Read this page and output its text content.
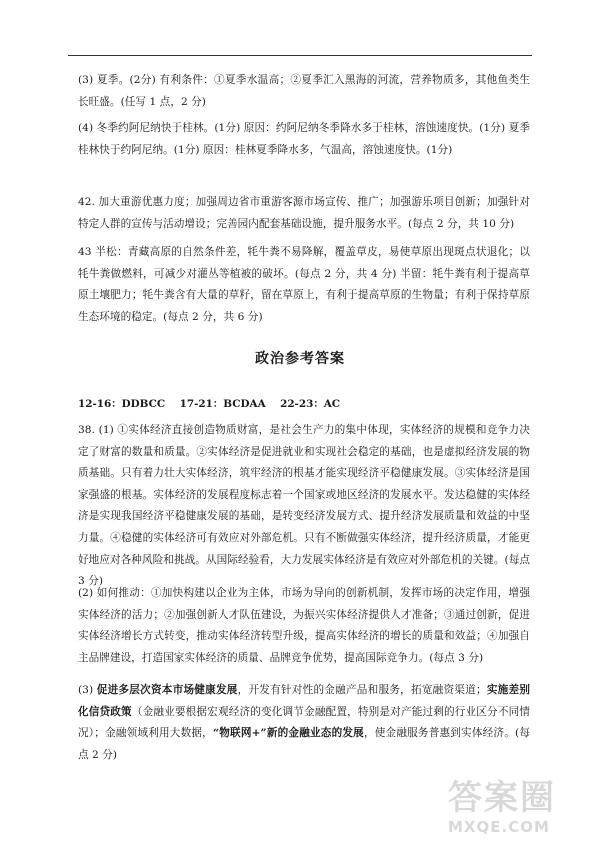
(3) 夏季。(2分) 有利条件：①夏季水温高；②夏季汇入黑海的河流，营养物质多，其他鱼类生长旺盛。(任写 1 点，2 分)
(4) 冬季约阿尼纳快于桂林。(1分) 原因：约阿尼纳冬季降水多于桂林，溶蚀速度快。(1分) 夏季桂林快于约阿尼纳。(1分) 原因：桂林夏季降水多，气温高，溶蚀速度快。(1分)
42. 加大重游优惠力度；加强周边省市重游客源市场宣传、推广；加强游乐项目创新；加强针对特定人群的宣传与活动增设；完善园内配套基础设施，提升服务水平。(每点 2 分，共 10 分)
43 半松：青藏高原的自然条件差，牦牛粪不易降解，覆盖草皮，易使草原出现斑点状退化；以牦牛粪做燃料，可减少对灌丛等植被的破坏。(每点 2 分，共 4 分) 半留：牦牛粪有利于提高草原土壤肥力；牦牛粪含有大量的草籽，留在草原上，有利于提高草原的生物量；有利于保持草原生态环境的稳定。(每点 2 分，共 6 分)
政治参考答案
12-16：DDBCC    17-21：BCDAA    22-23：AC
38. (1) ①实体经济直接创造物质财富，是社会生产力的集中体现，实体经济的规模和竞争力决定了财富的数量和质量。②实体经济是促进就业和实现社会稳定的基础，也是虚拟经济发展的物质基础。只有着力壮大实体经济，筑牢经济的根基才能实现经济平稳健康发展。③实体经济是国家强盛的根基。实体经济的发展程度标志着一个国家或地区经济的发展水平。发达稳健的实体经济是实现我国经济平稳健康发展的基础，是转变经济发展方式、提升经济发展质量和效益的中坚力量。④稳健的实体经济可有效应对外部危机。只有不断做强实体经济，提升经济质量，才能更好地应对各种风险和挑战。从国际经验看，大力发展实体经济是有效应对外部危机的关键。(每点 3 分)
(2) 如何推动：①加快构建以企业为主体，市场为导向的创新机制，发挥市场的决定作用，增强实体经济的活力；②加强创新人才队伍建设，为振兴实体经济提供人才准备；③通过创新，促进实体经济增长方式转变，推动实体经济转型升级，提高实体经济的增长的质量和效益；④加强自主品牌建设，打造国家实体经济的质量、品牌竞争优势，提高国际竞争力。(每点 3 分)
(3) 促进多层次资本市场健康发展，开发有针对性的金融产品和服务，拓宽融资渠道；实施差别化信贷政策（金融业要根据宏观经济的变化调节金融配置，特别是对产能过剩的行业区分不同情况）；金融领域利用大数据，“物联网+”新的金融业态的发展，使金融服务普惠到实体经济。(每点 2 分)
答案圈
MXQE.COM
